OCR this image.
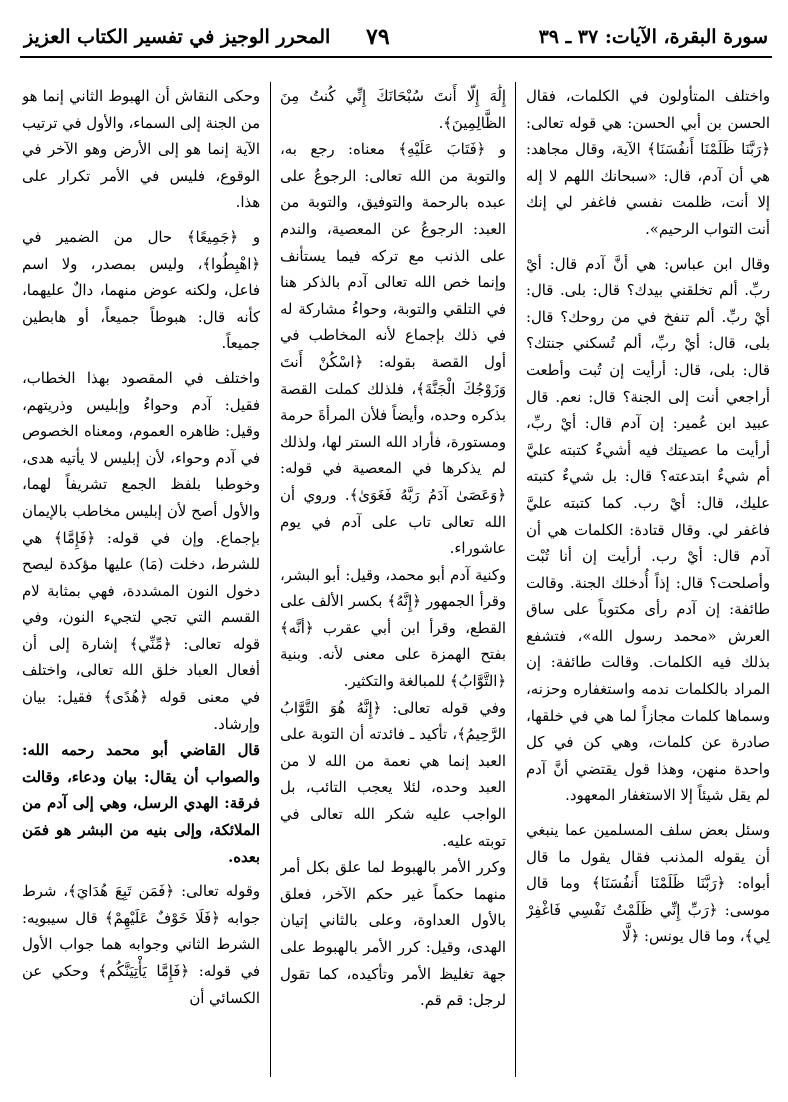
سورة البقرة، الآيات: ٣٧ ـ ٣٩
٧٩
المحرر الوجيز في تفسير الكتاب العزيز

واختلف المتأولون في الكلمات، فقال الحسن بن أبي الحسن: هي قوله تعالى: ﴿رَبَّنَا ظَلَمْنَا أَنفُسَنَا﴾ الآية، وقال مجاهد: هي أن آدم، قال: «سبحانك اللهم لا إله إلا أنت، ظلمت نفسي فاغفر لي إنك أنت التواب الرحيم».

وقال ابن عباس: هي أنَّ آدم قال: أيْ ربِّ. ألم تخلقني بيدك؟ قال: بلى. قال: أيْ ربِّ. ألم تنفخ في من روحك؟ قال: بلى، قال: أيْ ربِّ، ألم تُسكني جنتك؟ قال: بلى، قال: أرأيت إن تُبت وأطعت أراجعي أنت إلى الجنة؟ قال: نعم. قال عبيد ابن عُمير: إن آدم قال: أيْ ربِّ، أرأيت ما عصيتك فيه أشيءٌ كتبته عليَّ أم شيءٌ ابتدعته؟ قال: بل شيءٌ كتبته عليك، قال: أيْ رب. كما كتبته عليَّ فاغفر لي. وقال قتادة: الكلمات هي أن آدم قال: أيْ رب. أرأيت إن أنا تُبْت وأصلحت؟ قال: إذاً أُدخلك الجنة. وقالت طائفة: إن آدم رأى مكتوباً على ساق العرش «محمد رسول الله»، فتشفع بذلك فيه الكلمات. وقالت طائفة: إن المراد بالكلمات ندمه واستغفاره وحزنه، وسماها كلمات مجازاً لما هي في خلقها، صادرة عن كلمات، وهي كن في كل واحدة منهن، وهذا قول يقتضي أنَّ آدم لم يقل شيئاً إلا الاستغفار المعهود.

وسئل بعض سلف المسلمين عما ينبغي أن يقوله المذنب فقال يقول ما قال أبواه: ﴿رَبَّنَا ظَلَمْنَا أَنفُسَنَا﴾ وما قال موسى: ﴿رَبِّ إِنِّي ظَلَمْتُ نَفْسِي فَاغْفِرْ لِي﴾، وما قال يونس: ﴿لَّا

إِلَٰهَ إِلَّا أَنتَ سُبْحَانَكَ إِنِّي كُنتُ مِنَ الظَّالِمِينَ﴾.

و ﴿فَتَابَ عَلَيْهِ﴾ معناه: رجع به، والتوبة من الله تعالى: الرجوعُ على عبده بالرحمة والتوفيق، والتوبة من العبد: الرجوعُ عن المعصية، والندم على الذنب مع تركه فيما يستأنف وإنما خص الله تعالى آدم بالذكر هنا في التلقي والتوبة، وحواءُ مشاركة له في ذلك بإجماع لأنه المخاطب في أول القصة بقوله: ﴿اسْكُنْ أَنتَ وَزَوْجُكَ الْجَنَّةَ﴾، فلذلك كملت القصة بذكره وحده، وأيضاً فلأن المرأةَ حرمة ومستورة، فأراد الله الستر لها، ولذلك لم يذكرها في المعصية في قوله: ﴿وَعَصَىٰ آدَمُ رَبَّهُ فَغَوَىٰ﴾. وروي أن الله تعالى تاب على آدم في يوم عاشوراء.

وكنية آدم أبو محمد، وقيل: أبو البشر، وقرأ الجمهور ﴿إِنَّهُ﴾ بكسر الألف على القطع، وقرأ ابن أبي عقرب ﴿أنَّه﴾ بفتح الهمزة على معنى لأنه. وبنية ﴿التَّوَّابُ﴾ للمبالغة والتكثير.

وفي قوله تعالى: ﴿إِنَّهُ هُوَ التَّوَّابُ الرَّحِيمُ﴾، تأكيد ـ فائدته أن التوبة على العبد إنما هي نعمة من الله لا من العبد وحده، لئلا يعجب التائب، بل الواجب عليه شكر الله تعالى في توبته عليه.

وكرر الأمر بالهبوط لما علق بكل أمر منهما حكماً غير حكم الآخر، فعلق بالأول العداوة، وعلى بالثاني إتيان الهدى، وقيل: كرر الأمر بالهبوط على جهة تغليظ الأمر وتأكيده، كما تقول لرجل: قم قم.

وحكى النقاش أن الهبوط الثاني إنما هو من الجنة إلى السماء، والأول في ترتيب الآية إنما هو إلى الأرض وهو الآخر في الوقوع، فليس في الأمر تكرار على هذا.

و ﴿جَمِيعًا﴾ حال من الضمير في ﴿اهْبِطُوا﴾، وليس بمصدر، ولا اسم فاعل، ولكنه عوض منهما، دالٌ عليهما، كأنه قال: هبوطاً جميعاً، أو هابطين جميعاً.

واختلف في المقصود بهذا الخطاب، فقيل: آدم وحواءُ وإبليس وذريتهم، وقيل: ظاهره العموم، ومعناه الخصوص في آدم وحواء، لأن إبليس لا يأتيه هدى، وخوطبا بلفظ الجمع تشريفاً لهما، والأول أصح لأن إبليس مخاطب بالإيمان بإجماع. وإن في قوله: ﴿فَإِمَّا﴾ هي للشرط، دخلت (مَا) عليها مؤكدة ليصح دخول النون المشددة، فهي بمثابة لام القسم التي تجي لتجيء النون، وفي قوله تعالى: ﴿مِّنِّي﴾ إشارة إلى أن أفعال العباد خلق الله تعالى، واختلف في معنى قوله ﴿هُدًى﴾ فقيل: بيان وإرشاد.

قال القاضي أبو محمد رحمه الله: والصواب أن يقال: بيان ودعاء، وقالت فرقة: الهدي الرسل، وهي إلى آدم من الملائكة، وإلى بنيه من البشر هو فمَن بعده.

وقوله تعالى: ﴿فَمَن تَبِعَ هُدَايَ﴾، شرط جوابه ﴿فَلَا خَوْفٌ عَلَيْهِمْ﴾ قال سيبويه: الشرط الثاني وجوابه هما جواب الأول في قوله: ﴿فَإِمَّا يَأْتِيَنَّكُم﴾ وحكي عن الكسائي أن
